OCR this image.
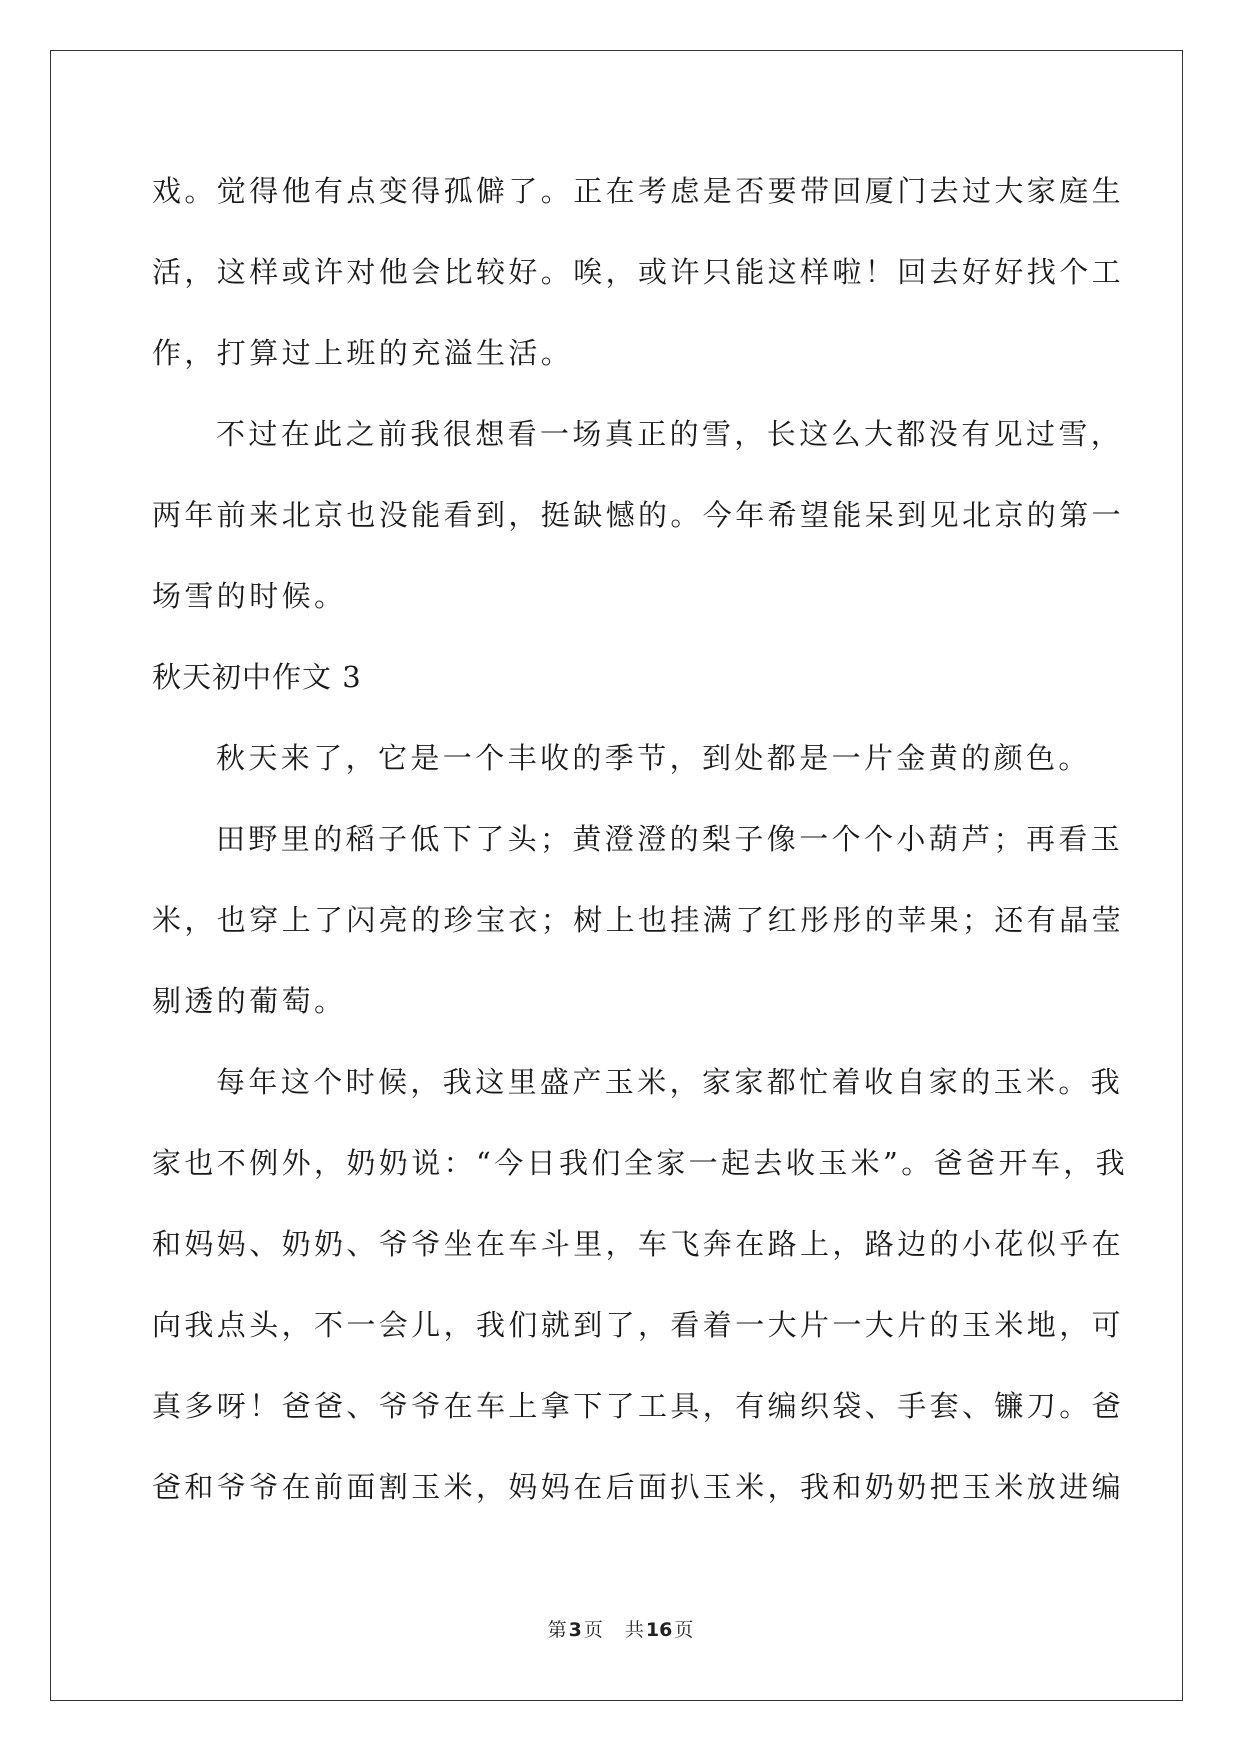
戏。觉得他有点变得孤僻了。正在考虑是否要带回厦门去过大家庭生
活，这样或许对他会比较好。唉，或许只能这样啦！回去好好找个工
作，打算过上班的充溢生活。
不过在此之前我很想看一场真正的雪，长这么大都没有见过雪，
两年前来北京也没能看到，挺缺憾的。今年希望能呆到见北京的第一
场雪的时候。
秋天初中作文 3
秋天来了，它是一个丰收的季节，到处都是一片金黄的颜色。
田野里的稻子低下了头；黄澄澄的梨子像一个个小葫芦；再看玉
米，也穿上了闪亮的珍宝衣；树上也挂满了红彤彤的苹果；还有晶莹
剔透的葡萄。
每年这个时候，我这里盛产玉米，家家都忙着收自家的玉米。我
家也不例外，奶奶说：“今日我们全家一起去收玉米”。爸爸开车，我
和妈妈、奶奶、爷爷坐在车斗里，车飞奔在路上，路边的小花似乎在
向我点头，不一会儿，我们就到了，看着一大片一大片的玉米地，可
真多呀！爸爸、爷爷在车上拿下了工具，有编织袋、手套、镰刀。爸
爸和爷爷在前面割玉米，妈妈在后面扒玉米，我和奶奶把玉米放进编
第 3 页 共 16 页
